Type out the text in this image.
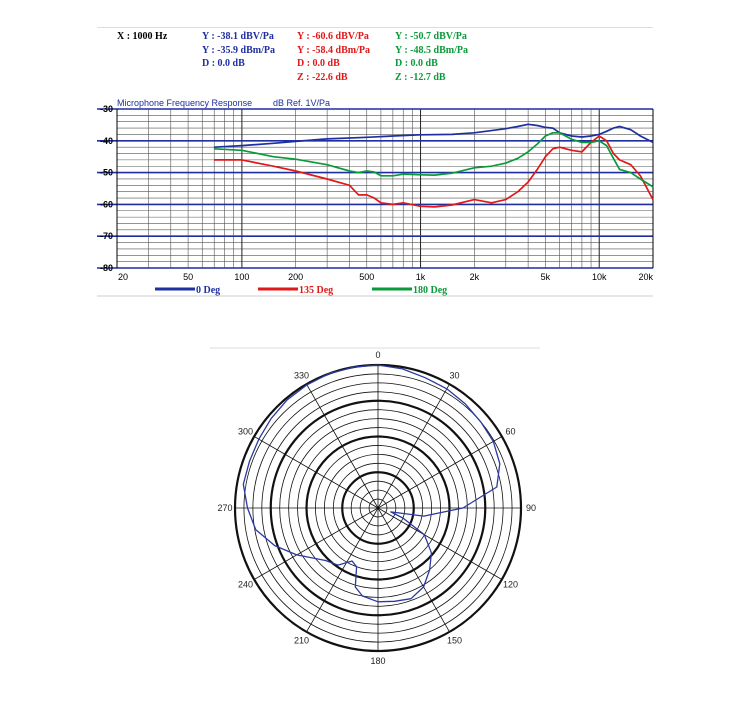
X : 1000 Hz	Y : -38.1 dBV/Pa
Y : -35.9 dBm/Pa
D : 0.0 dB
Y : -60.6 dBV/Pa
Y : -58.4 dBm/Pa
D : 0.0 dB
Z : -22.6 dB
Y : -50.7 dBV/Pa
Y : -48.5 dBm/Pa
D : 0.0 dB
Z : -12.7 dB
-30
-40
-50
-60
-70
-80
20	50	100	200	500	1k	2k	5k	10k	20k
Microphone Frequency Response dB Ref. 1V/Pa
0 Deg	135 Deg	180 Deg
0
30
60
90
120
150
180
210
240
270
300
330
